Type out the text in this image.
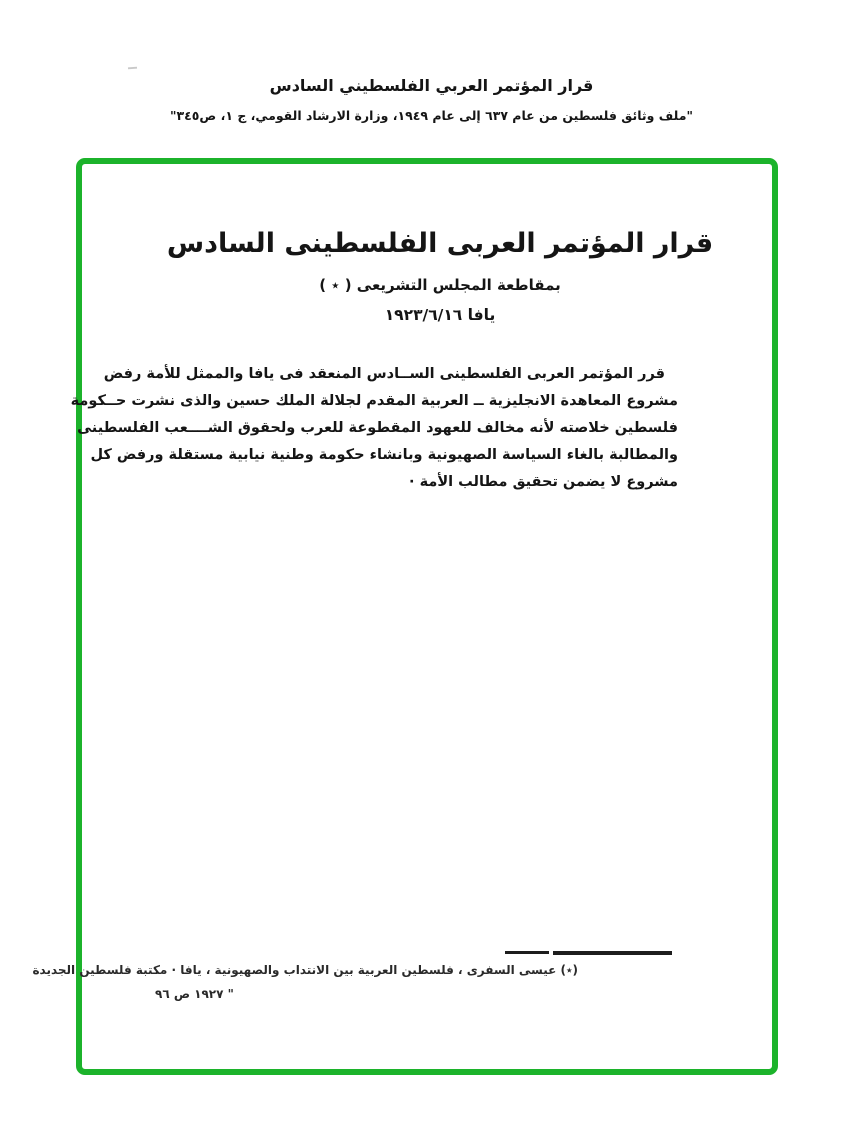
قرار المؤتمر العربي الفلسطيني السادس
"ملف وثائق فلسطين من عام ٦٣٧ إلى عام ١٩٤٩، وزارة الارشاد القومي، ج ١، ص٣٤٥"
قرار المؤتمر العربى الفلسطينى السادس
بمقاطعة المجلس التشريعى ( ٭ )
يافا ١٩٢٣/٦/١٦
قرر المؤتمر العربى الفلسطينى الســادس المنعقد فى يافا والممثل للأمة رفض
مشروع المعاهدة الانجليزية ــ العربية المقدم لجلالة الملك حسين والذى نشرت حــكومة
فلسطين خلاصته لأنه مخالف للعهود المقطوعة للعرب ولحقوق الشــــعب الفلسطينى
والمطالبة بالغاء السياسة الصهيونية وبانشاء حكومة وطنية نيابية مستقلة ورفض كل
مشروع لا يضمن تحقيق مطالب الأمة ·
(٭) عيسى السفرى ، فلسطين العربية بين الانتداب والصهيونية ، يافا · مكتبة فلسطين الجديدة
١٩٢٧ ص ٩٦ "
